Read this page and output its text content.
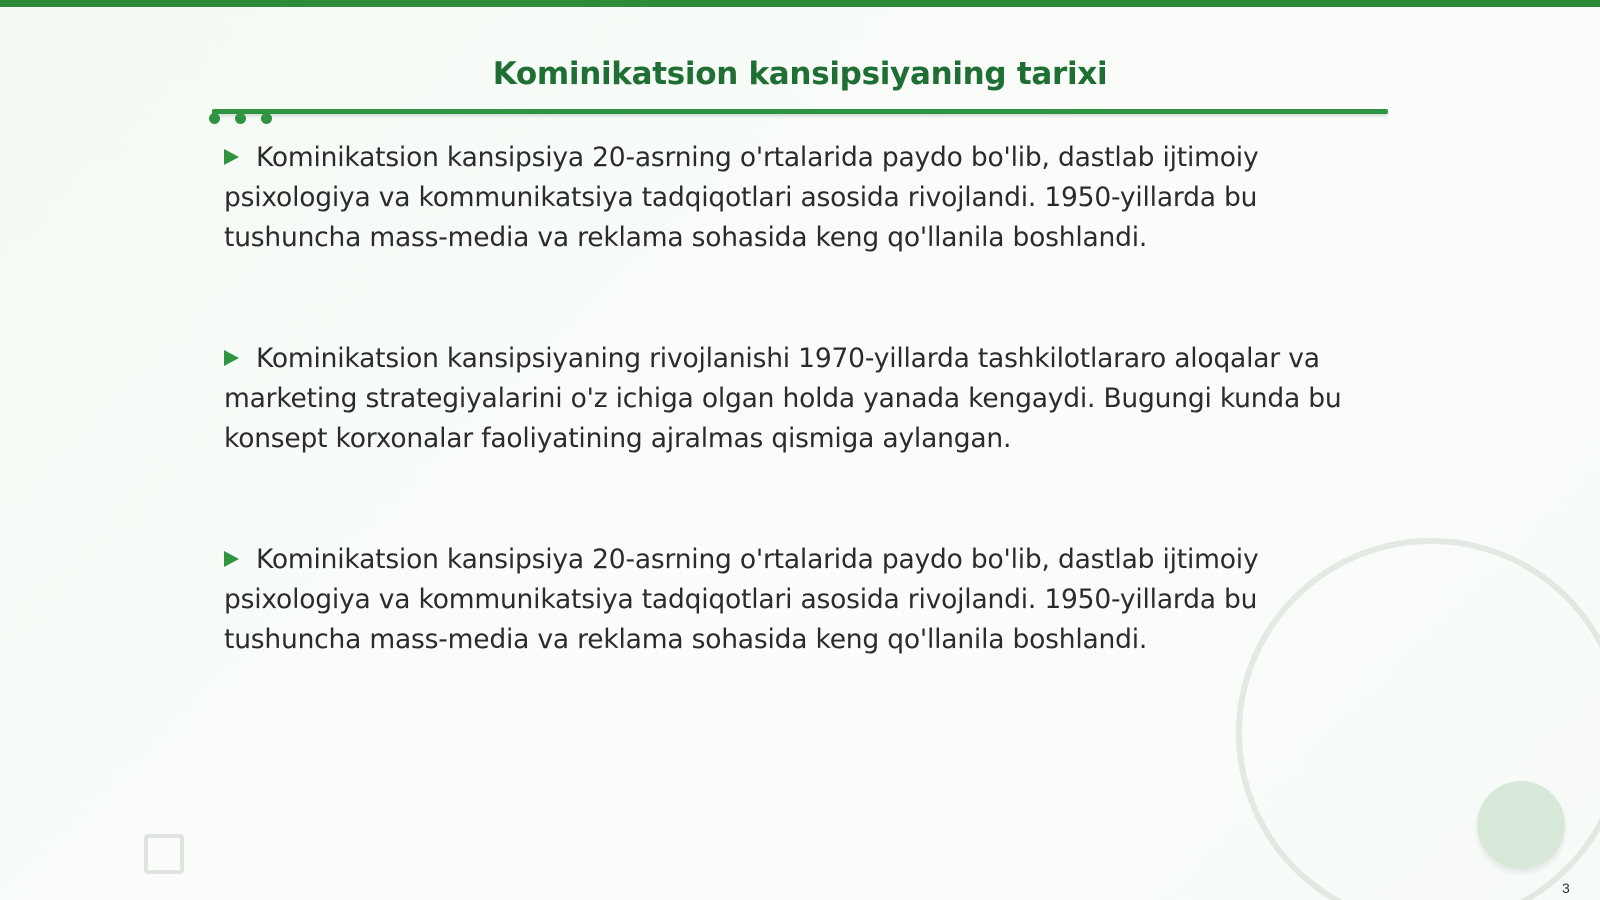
Kominikatsion kansipsiyaning tarixi

Kominikatsion kansipsiya 20-asrning o'rtalarida paydo bo'lib, dastlab ijtimoiy psixologiya va kommunikatsiya tadqiqotlari asosida rivojlandi. 1950-yillarda bu tushuncha mass-media va reklama sohasida keng qo'llanila boshlandi.

Kominikatsion kansipsiyaning rivojlanishi 1970-yillarda tashkilotlararo aloqalar va marketing strategiyalarini o'z ichiga olgan holda yanada kengaydi. Bugungi kunda bu konsept korxonalar faoliyatining ajralmas qismiga aylangan.

Kominikatsion kansipsiya 20-asrning o'rtalarida paydo bo'lib, dastlab ijtimoiy psixologiya va kommunikatsiya tadqiqotlari asosida rivojlandi. 1950-yillarda bu tushuncha mass-media va reklama sohasida keng qo'llanila boshlandi.

3
